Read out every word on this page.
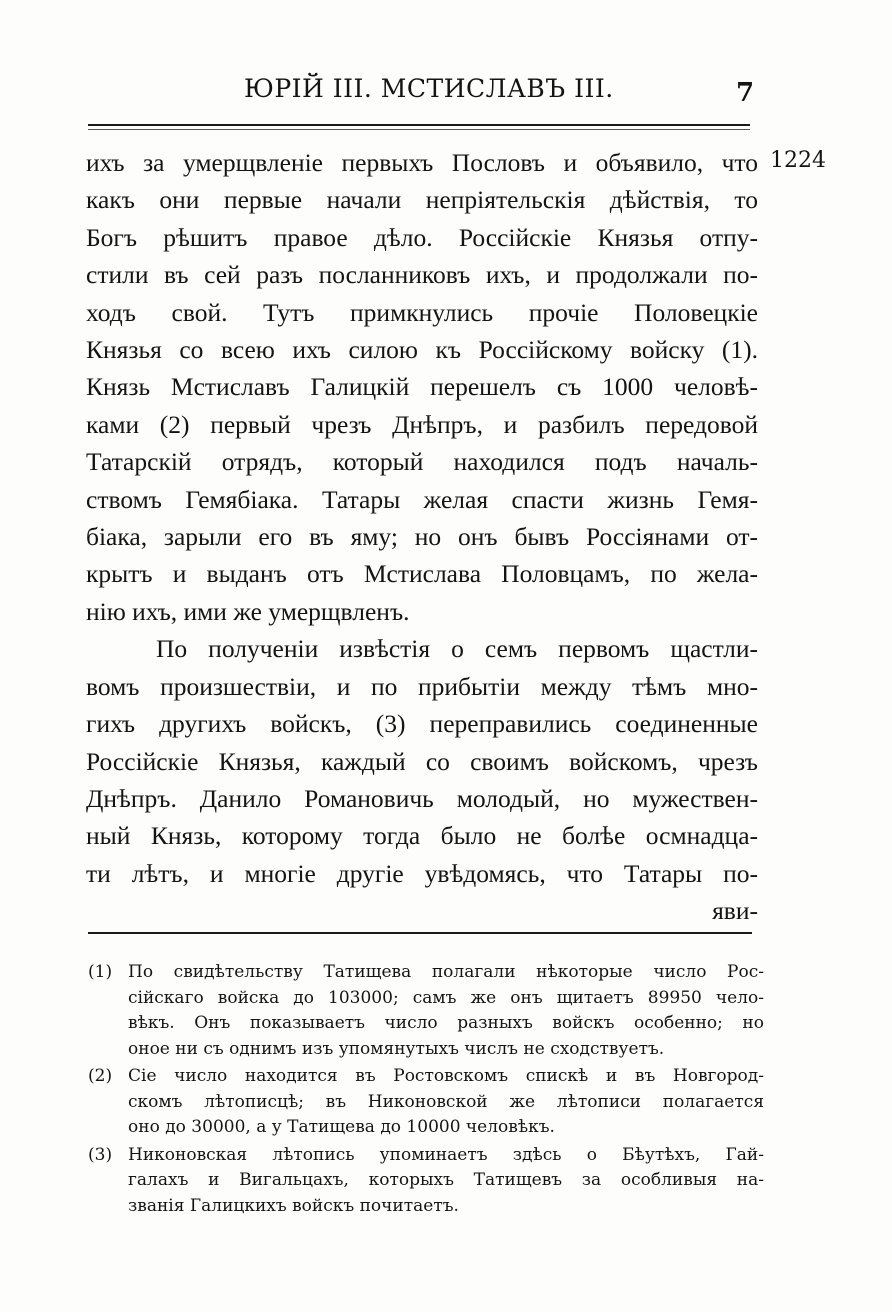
ЮРІЙ III. МСТИСЛАВЪ III.	7
1224
ихъ за умерщвленіе первыхъ Пословъ и объявило, что
какъ они первые начали непріятельскія дѣйствія, то
Богъ рѣшитъ правое дѣло. Россійскіе Князья отпу-
стили въ сей разъ посланниковъ ихъ, и продолжали по-
ходъ свой. Тутъ примкнулись прочіе Половецкіе
Князья со всею ихъ силою къ Россійскому войску (1).
Князь Мстиславъ Галицкій перешелъ съ 1000 человѣ-
ками (2) первый чрезъ Днѣпръ, и разбилъ передовой
Татарскій отрядъ, который находился подъ началь-
ствомъ Гемябіака. Татары желая спасти жизнь Гемя-
біака, зарыли его въ яму; но онъ бывъ Россіянами от-
крытъ и выданъ отъ Мстислава Половцамъ, по жела-
нію ихъ, ими же умерщвленъ.
По полученіи извѣстія о семъ первомъ щастли-
вомъ произшествіи, и по прибытіи между тѣмъ мно-
гихъ другихъ войскъ, (3) переправились соединенные
Россійскіе Князья, каждый со своимъ войскомъ, чрезъ
Днѣпръ. Данило Романовичь молодый, но мужествен-
ный Князь, которому тогда было не болѣе осмнадца-
ти лѣтъ, и многіе другіе увѣдомясь, что Татары по-
яви-
(1) По свидѣтельству Татищева полагали нѣкоторые число Рос-
сійскаго войска до 103000; самъ же онъ щитаетъ 89950 чело-
вѣкъ. Онъ показываетъ число разныхъ войскъ особенно; но
оное ни съ однимъ изъ упомянутыхъ числъ не сходствуетъ.
(2) Сіе число находится въ Ростовскомъ спискѣ и въ Новгород-
скомъ лѣтописцѣ; въ Никоновской же лѣтописи полагается
оно до 30000, а у Татищева до 10000 человѣкъ.
(3) Никоновская лѣтопись упоминаетъ здѣсь о Бѣутѣхъ, Гай-
галахъ и Вигальцахъ, которыхъ Татищевъ за особливыя на-
званія Галицкихъ войскъ почитаетъ.
